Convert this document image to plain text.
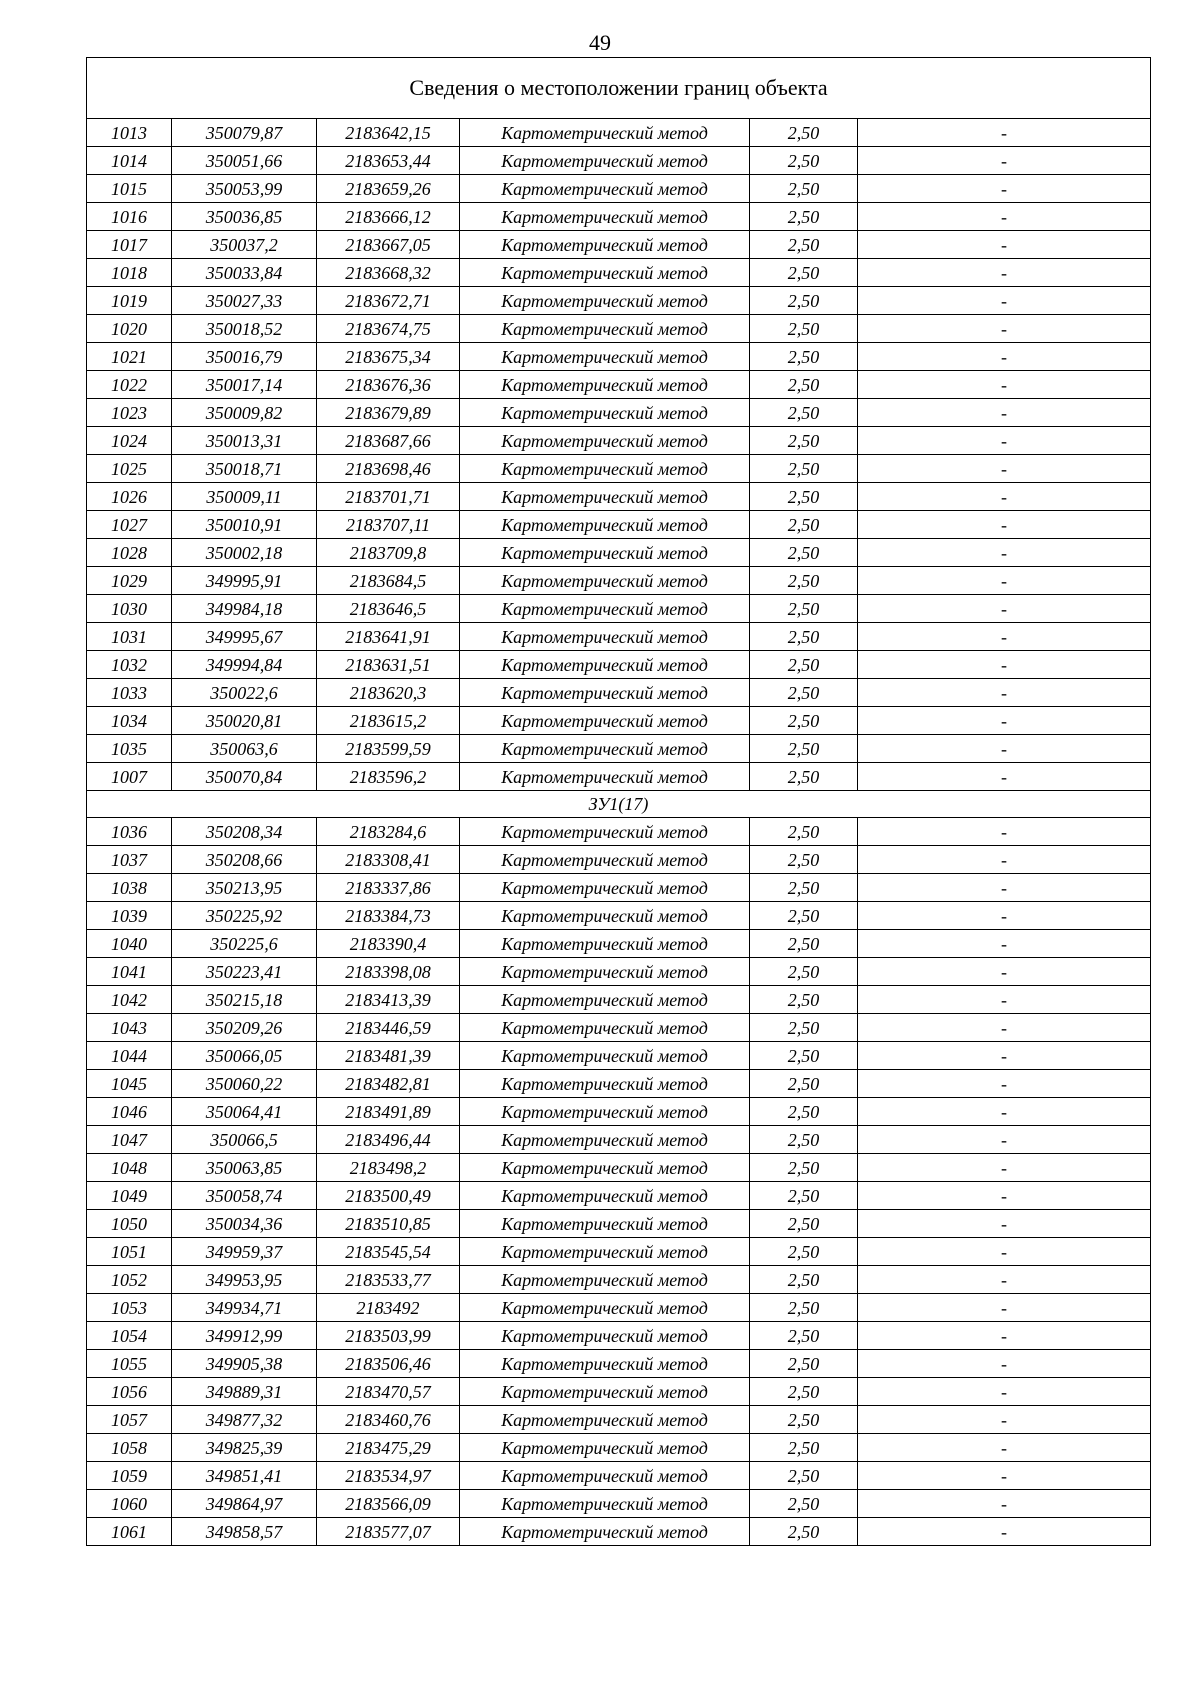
49
Сведения о местоположении границ объекта					
1013	350079,87	2183642,15	Картометрический метод	2,50	-
1014	350051,66	2183653,44	Картометрический метод	2,50	-
1015	350053,99	2183659,26	Картометрический метод	2,50	-
1016	350036,85	2183666,12	Картометрический метод	2,50	-
1017	350037,2	2183667,05	Картометрический метод	2,50	-
1018	350033,84	2183668,32	Картометрический метод	2,50	-
1019	350027,33	2183672,71	Картометрический метод	2,50	-
1020	350018,52	2183674,75	Картометрический метод	2,50	-
1021	350016,79	2183675,34	Картометрический метод	2,50	-
1022	350017,14	2183676,36	Картометрический метод	2,50	-
1023	350009,82	2183679,89	Картометрический метод	2,50	-
1024	350013,31	2183687,66	Картометрический метод	2,50	-
1025	350018,71	2183698,46	Картометрический метод	2,50	-
1026	350009,11	2183701,71	Картометрический метод	2,50	-
1027	350010,91	2183707,11	Картометрический метод	2,50	-
1028	350002,18	2183709,8	Картометрический метод	2,50	-
1029	349995,91	2183684,5	Картометрический метод	2,50	-
1030	349984,18	2183646,5	Картометрический метод	2,50	-
1031	349995,67	2183641,91	Картометрический метод	2,50	-
1032	349994,84	2183631,51	Картометрический метод	2,50	-
1033	350022,6	2183620,3	Картометрический метод	2,50	-
1034	350020,81	2183615,2	Картометрический метод	2,50	-
1035	350063,6	2183599,59	Картометрический метод	2,50	-
1007	350070,84	2183596,2	Картометрический метод	2,50	-
ЗУ1(17)					
1036	350208,34	2183284,6	Картометрический метод	2,50	-
1037	350208,66	2183308,41	Картометрический метод	2,50	-
1038	350213,95	2183337,86	Картометрический метод	2,50	-
1039	350225,92	2183384,73	Картометрический метод	2,50	-
1040	350225,6	2183390,4	Картометрический метод	2,50	-
1041	350223,41	2183398,08	Картометрический метод	2,50	-
1042	350215,18	2183413,39	Картометрический метод	2,50	-
1043	350209,26	2183446,59	Картометрический метод	2,50	-
1044	350066,05	2183481,39	Картометрический метод	2,50	-
1045	350060,22	2183482,81	Картометрический метод	2,50	-
1046	350064,41	2183491,89	Картометрический метод	2,50	-
1047	350066,5	2183496,44	Картометрический метод	2,50	-
1048	350063,85	2183498,2	Картометрический метод	2,50	-
1049	350058,74	2183500,49	Картометрический метод	2,50	-
1050	350034,36	2183510,85	Картометрический метод	2,50	-
1051	349959,37	2183545,54	Картометрический метод	2,50	-
1052	349953,95	2183533,77	Картометрический метод	2,50	-
1053	349934,71	2183492	Картометрический метод	2,50	-
1054	349912,99	2183503,99	Картометрический метод	2,50	-
1055	349905,38	2183506,46	Картометрический метод	2,50	-
1056	349889,31	2183470,57	Картометрический метод	2,50	-
1057	349877,32	2183460,76	Картометрический метод	2,50	-
1058	349825,39	2183475,29	Картометрический метод	2,50	-
1059	349851,41	2183534,97	Картометрический метод	2,50	-
1060	349864,97	2183566,09	Картометрический метод	2,50	-
1061	349858,57	2183577,07	Картометрический метод	2,50	-
